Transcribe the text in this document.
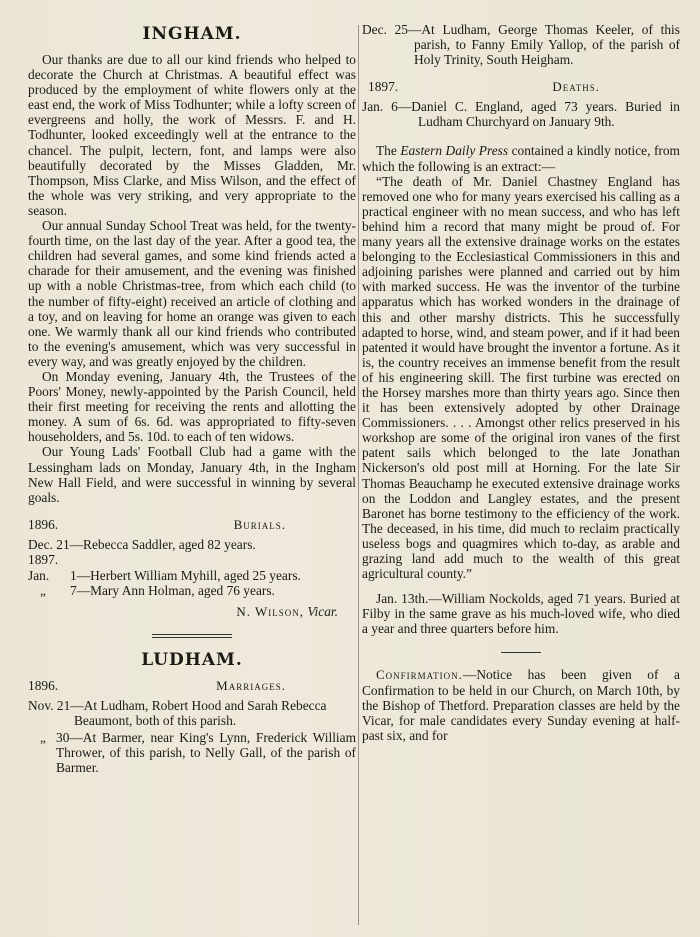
INGHAM.

Our thanks are due to all our kind friends who helped to decorate the Church at Christmas. A beautiful effect was produced by the employment of white flowers only at the east end, the work of Miss Todhunter; while a lofty screen of evergreens and holly, the work of Messrs. F. and H. Todhunter, looked exceedingly well at the entrance to the chancel. The pulpit, lectern, font, and lamps were also beautifully decorated by the Misses Gladden, Mr. Thompson, Miss Clarke, and Miss Wilson, and the effect of the whole was very striking, and very appropriate to the season.

Our annual Sunday School Treat was held, for the twenty-fourth time, on the last day of the year. After a good tea, the children had several games, and some kind friends acted a charade for their amusement, and the evening was finished up with a noble Christmas-tree, from which each child (to the number of fifty-eight) received an article of clothing and a toy, and on leaving for home an orange was given to each one. We warmly thank all our kind friends who contributed to the evening's amusement, which was very successful in every way, and was greatly enjoyed by the children.

On Monday evening, January 4th, the Trustees of the Poors' Money, newly-appointed by the Parish Council, held their first meeting for receiving the rents and allotting the money. A sum of 6s. 6d. was appropriated to fifty-seven householders, and 5s. 10d. to each of ten widows.

Our Young Lads' Football Club had a game with the Lessingham lads on Monday, January 4th, in the Ingham New Hall Field, and were successful in winning by several goals.

1896.	Burials.
Dec. 21—Rebecca Saddler, aged 82 years.
1897.
Jan.	1—Herbert William Myhill, aged 25 years.
„	7—Mary Ann Holman, aged 76 years.
N. Wilson, Vicar.
LUDHAM.
1896.	Marriages.
Nov. 21—At Ludham, Robert Hood and Sarah Rebecca Beaumont, both of this parish.
„ 30—At Barmer, near King's Lynn, Frederick William Thrower, of this parish, to Nelly Gall, of the parish of Barmer.
Dec. 25—At Ludham, George Thomas Keeler, of this parish, to Fanny Emily Yallop, of the parish of Holy Trinity, South Heigham.
1897.	Deaths.
Jan. 6—Daniel C. England, aged 73 years. Buried in Ludham Churchyard on January 9th.

The Eastern Daily Press contained a kindly notice, from which the following is an extract:—

“The death of Mr. Daniel Chastney England has removed one who for many years exercised his calling as a practical engineer with no mean success, and who has left behind him a record that many might be proud of. For many years all the extensive drainage works on the estates belonging to the Ecclesiastical Commissioners in this and adjoining parishes were planned and carried out by him with marked success. He was the inventor of the turbine apparatus which has worked wonders in the drainage of this and other marshy districts. This he successfully adapted to horse, wind, and steam power, and if it had been patented it would have brought the inventor a fortune. As it is, the country receives an immense benefit from the result of his engineering skill. The first turbine was erected on the Horsey marshes more than thirty years ago. Since then it has been extensively adopted by other Drainage Commissioners. . . . Amongst other relics preserved in his workshop are some of the original iron vanes of the first patent sails which belonged to the late Jonathan Nickerson's old post mill at Horning. For the late Sir Thomas Beauchamp he executed extensive drainage works on the Loddon and Langley estates, and the present Baronet has borne testimony to the efficiency of the work. The deceased, in his time, did much to reclaim practically useless bogs and quagmires which to-day, as arable and grazing land add much to the wealth of this great agricultural county.”

Jan. 13th.—William Nockolds, aged 71 years. Buried at Filby in the same grave as his much-loved wife, who died a year and three quarters before him.

Confirmation.—Notice has been given of a Confirmation to be held in our Church, on March 10th, by the Bishop of Thetford. Preparation classes are held by the Vicar, for male candidates every Sunday evening at half-past six, and for
